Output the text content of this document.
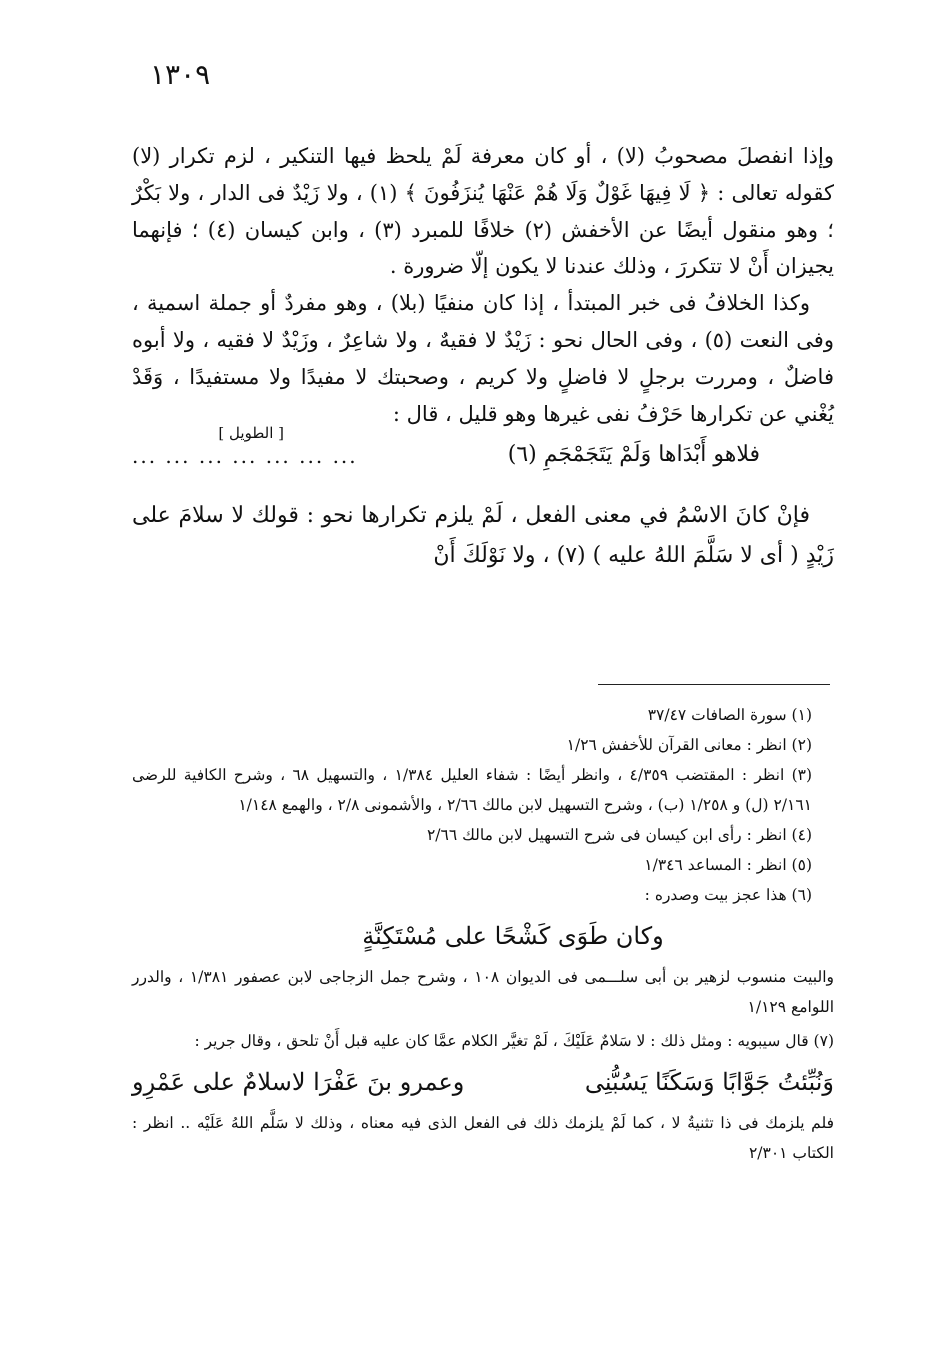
١٣٠٩

وإذا انفصلَ مصحوبُ (لا) ، أو كان معرفة لَمْ يلحظ فيها التنكير ، لزم تكرار (لا) كقوله تعالى : ﴿ لَا فِيهَا غَوْلٌ وَلَا هُمْ عَنْهَا يُنزَفُونَ ﴾ (١) ، ولا زَيْدٌ فى الدار ، ولا بَكْرٌ ؛ وهو منقول أيضًا عن الأخفش (٢) خلافًا للمبرد (٣) ، وابن كيسان (٤) ؛ فإنهما يجيزان أَنْ لا تتكررَ ، وذلك عندنا لا يكون إلّا ضرورة .

وكذا الخلافُ فى خبر المبتدأ ، إذا كان منفيًا (بلا) ، وهو مفردٌ أو جملة اسمية ، وفى النعت (٥) ، وفى الحال نحو : زَيْدٌ لا فقيهٌ ، ولا شاعِرٌ ، وزَيْدٌ لا فقيه ، ولا أبوه فاضلٌ ، ومررت برجلٍ لا فاضلٍ ولا كريم ، وصحبتك لا مفيدًا ولا مستفيدًا ، وَقَدْ يُغْني عن تكرارها حَرْفُ نفى غيرها وهو قليل ، قال :

[ الطويل ]
فلاهو أَبْدَاها وَلَمْ يَتَجَمْجَمِ (٦)
... ... ... ... ... ... ...

فإنْ كانَ الاسْمُ في معنى الفعل ، لَمْ يلزم تكرارها نحو : قولك لا سلامَ على زَيْدٍ ( أى لا سَلَّمَ اللهُ عليه ) (٧) ، ولا نَوْلَكَ أَنْ

(١) سورة الصافات ٣٧/٤٧

(٢) انظر : معانى القرآن للأخفش ١/٢٦

(٣) انظر : المقتضب ٤/٣٥٩ ، وانظر أيضًا : شفاء العليل ١/٣٨٤ ، والتسهيل ٦٨ ، وشرح الكافية للرضى ٢/١٦١ (ل) و ١/٢٥٨ (ب) ، وشرح التسهيل لابن مالك ٢/٦٦ ، والأشمونى ٢/٨ ، والهمع ١/١٤٨

(٤) انظر : رأى ابن كيسان فى شرح التسهيل لابن مالك ٢/٦٦

(٥) انظر : المساعد ١/٣٤٦

(٦) هذا عجز بيت وصدره :

وكان طَوَى كَشْحًا على مُسْتَكِنَّةٍ

والبيت منسوب لزهير بن أبى سلـــمى فى الديوان ١٠٨ ، وشرح جمل الزجاجى لابن عصفور ١/٣٨١ ، والدرر اللوامع ١/١٢٩

(٧) قال سيبويه : ومثل ذلك : لا سَلامٌ عَلَيْكَ ، لَمْ تغيَّر الكلام عمَّا كان عليه قبل أَنْ تلحق ، وقال جرير :

وَنُبِّئتُ جَوَّابًا وَسَكَنًا يَسُبُّنِى
وعمرو بنَ عَفْرَا لاسلامٌ على عَمْرِو

فلم يلزمك فى ذا تثنيةُ لا ، كما لَمْ يلزمك ذلك فى الفعل الذى فيه معناه ، وذلك لا سَلَّم اللهُ عَلَيْه .. انظر : الكتاب ٢/٣٠١
